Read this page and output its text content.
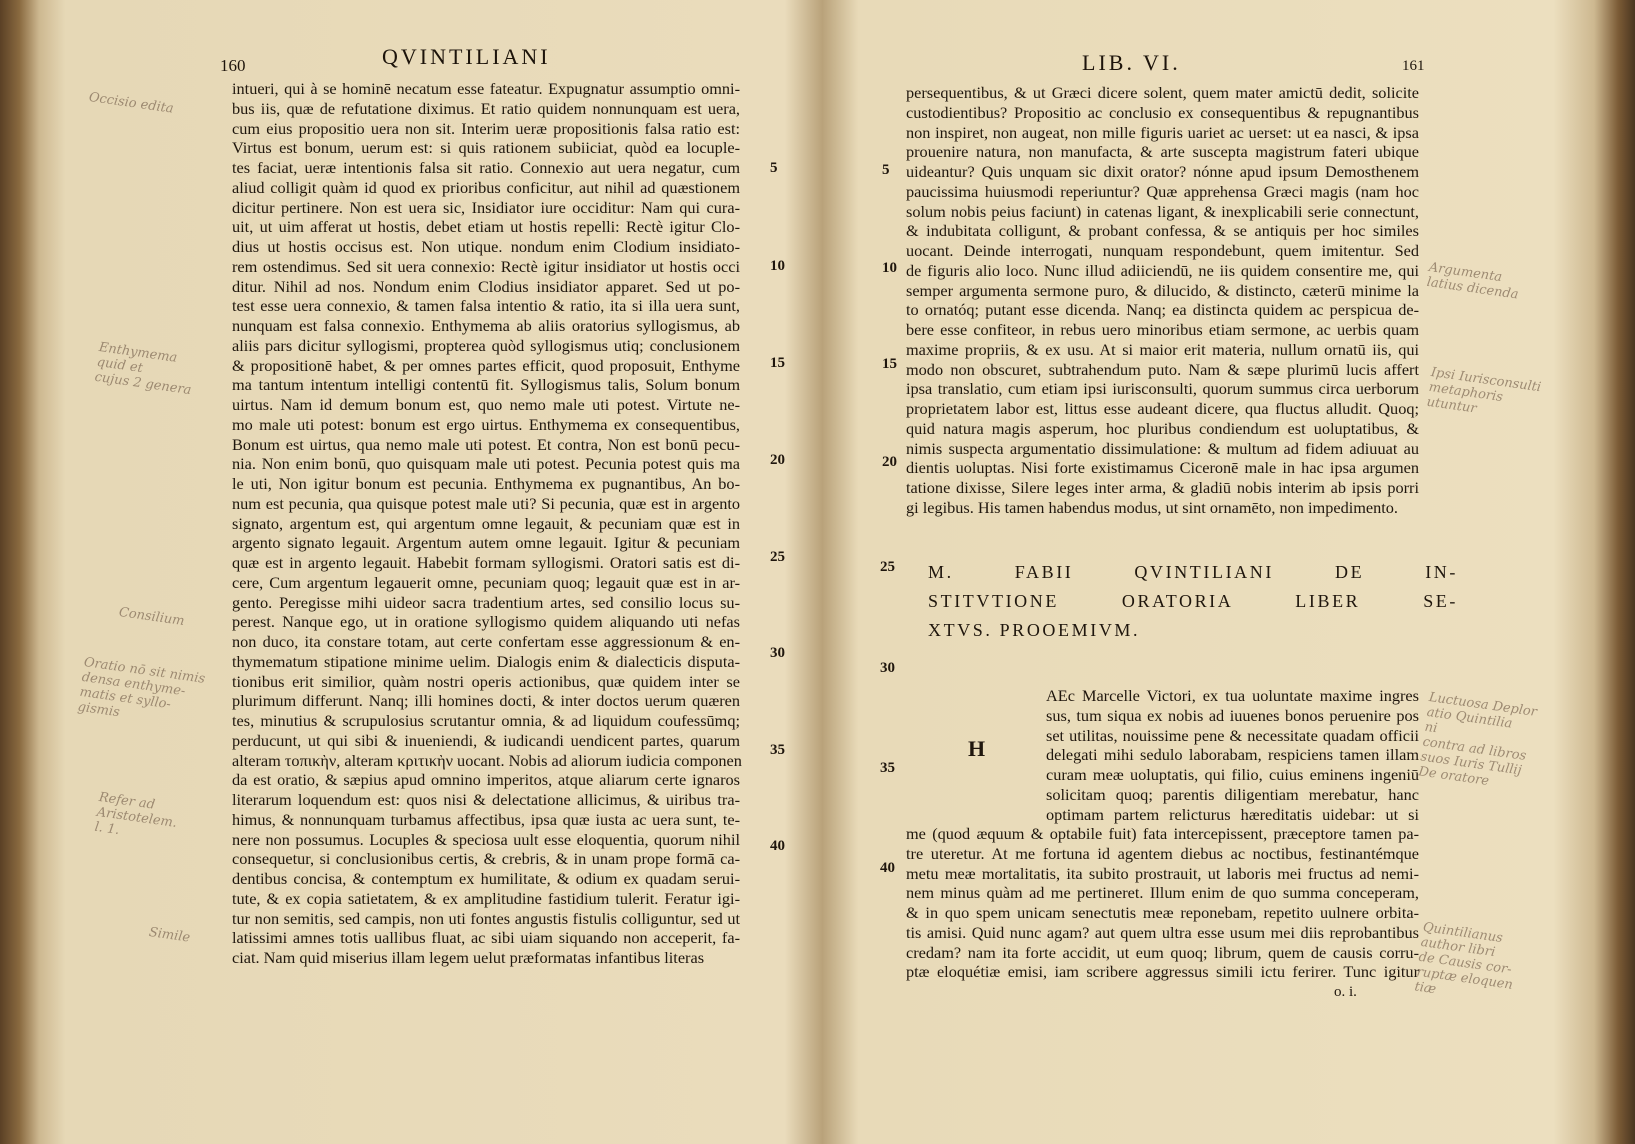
160	QVINTILIANI
intueri, qui à se hominē necatum esse fateatur. Expugnatur assumptio omni-
bus iis, quæ de refutatione diximus. Et ratio quidem nonnunquam est uera,
cum eius propositio uera non sit. Interim ueræ propositionis falsa ratio est:
Virtus est bonum, uerum est: si quis rationem subiiciat, quòd ea locuple-
tes faciat, ueræ intentionis falsa sit ratio. Connexio aut uera negatur, cum
aliud colligit quàm id quod ex prioribus conficitur, aut nihil ad quæstionem
dicitur pertinere. Non est uera sic, Insidiator iure occiditur: Nam qui cura-
uit, ut uim afferat ut hostis, debet etiam ut hostis repelli: Rectè igitur Clo-
dius ut hostis occisus est. Non utique. nondum enim Clodium insidiato-
rem ostendimus. Sed sit uera connexio: Rectè igitur insidiator ut hostis occi
ditur. Nihil ad nos. Nondum enim Clodius insidiator apparet. Sed ut po-
test esse uera connexio, & tamen falsa intentio & ratio, ita si illa uera sunt,
nunquam est falsa connexio. Enthymema ab aliis oratorius syllogismus, ab
aliis pars dicitur syllogismi, propterea quòd syllogismus utiq; conclusionem
& propositionē habet, & per omnes partes efficit, quod proposuit, Enthyme
ma tantum intentum intelligi contentū fit. Syllogismus talis, Solum bonum
uirtus. Nam id demum bonum est, quo nemo male uti potest. Virtute ne-
mo male uti potest: bonum est ergo uirtus. Enthymema ex consequentibus,
Bonum est uirtus, qua nemo male uti potest. Et contra, Non est bonū pecu-
nia. Non enim bonū, quo quisquam male uti potest. Pecunia potest quis ma
le uti, Non igitur bonum est pecunia. Enthymema ex pugnantibus, An bo-
num est pecunia, qua quisque potest male uti? Si pecunia, quæ est in argento
signato, argentum est, qui argentum omne legauit, & pecuniam quæ est in
argento signato legauit. Argentum autem omne legauit. Igitur & pecuniam
quæ est in argento legauit. Habebit formam syllogismi. Oratori satis est di-
cere, Cum argentum legauerit omne, pecuniam quoq; legauit quæ est in ar-
gento. Peregisse mihi uideor sacra tradentium artes, sed consilio locus su-
perest. Nanque ego, ut in oratione syllogismo quidem aliquando uti nefas
non duco, ita constare totam, aut certe confertam esse aggressionum & en-
thymematum stipatione minime uelim. Dialogis enim & dialecticis disputa-
tionibus erit similior, quàm nostri operis actionibus, quæ quidem inter se
plurimum differunt. Nanq; illi homines docti, & inter doctos uerum quæren
tes, minutius & scrupulosius scrutantur omnia, & ad liquidum coufessūmq;
perducunt, ut qui sibi & inueniendi, & iudicandi uendicent partes, quarum
alteram τοπικὴν, alteram κριτικὴν uocant. Nobis ad aliorum iudicia componen
da est oratio, & sæpius apud omnino imperitos, atque aliarum certe ignaros
literarum loquendum est: quos nisi & delectatione allicimus, & uiribus tra-
himus, & nonnunquam turbamus affectibus, ipsa quæ iusta ac uera sunt, te-
nere non possumus. Locuples & speciosa uult esse eloquentia, quorum nihil
consequetur, si conclusionibus certis, & crebris, & in unam prope formā ca-
dentibus concisa, & contemptum ex humilitate, & odium ex quadam serui-
tute, & ex copia satietatem, & ex amplitudine fastidium tulerit. Feratur igi-
tur non semitis, sed campis, non uti fontes angustis fistulis colliguntur, sed ut
latissimi amnes totis uallibus fluat, ac sibi uiam siquando non acceperit, fa-
ciat. Nam quid miserius illam legem uelut præformatas infantibus literas
5
10
15
20
25
30
35
40
Occisio edita
Enthymema
quid et
cujus 2 genera
Consilium
Oratio nō sit nimis
densa enthyme-
matis et syllo-
gismis
Refer ad
Aristotelem.
l. 1.
Simile
LIB. VI.	161
persequentibus, & ut Græci dicere solent, quem mater amictū dedit, solicite
custodientibus? Propositio ac conclusio ex consequentibus & repugnantibus
non inspiret, non augeat, non mille figuris uariet ac uerset: ut ea nasci, & ipsa
prouenire natura, non manufacta, & arte suscepta magistrum fateri ubique
uideantur? Quis unquam sic dixit orator? nónne apud ipsum Demosthenem
paucissima huiusmodi reperiuntur? Quæ apprehensa Græci magis (nam hoc
solum nobis peius faciunt) in catenas ligant, & inexplicabili serie connectunt,
& indubitata colligunt, & probant confessa, & se antiquis per hoc similes
uocant. Deinde interrogati, nunquam respondebunt, quem imitentur. Sed
de figuris alio loco. Nunc illud adiiciendū, ne iis quidem consentire me, qui
semper argumenta sermone puro, & dilucido, & distincto, cæterū minime la
to ornatóq; putant esse dicenda. Nanq; ea distincta quidem ac perspicua de-
bere esse confiteor, in rebus uero minoribus etiam sermone, ac uerbis quam
maxime propriis, & ex usu. At si maior erit materia, nullum ornatū iis, qui
modo non obscuret, subtrahendum puto. Nam & sæpe plurimū lucis affert
ipsa translatio, cum etiam ipsi iurisconsulti, quorum summus circa uerborum
proprietatem labor est, littus esse audeant dicere, qua fluctus alludit. Quoq;
quid natura magis asperum, hoc pluribus condiendum est uoluptatibus, &
nimis suspecta argumentatio dissimulatione: & multum ad fidem adiuuat au
dientis uoluptas. Nisi forte existimamus Ciceronē male in hac ipsa argumen
tatione dixisse, Silere leges inter arma, & gladiū nobis interim ab ipsis porri
gi legibus. His tamen habendus modus, ut sint ornamēto, non impedimento.
5
10
15
20
25
30
35
40
M. FABII QVINTILIANI DE IN-
STITVTIONE ORATORIA LIBER SE-
XTVS. PROOEMIVM.
H
AEc Marcelle Victori, ex tua uoluntate maxime ingres
sus, tum siqua ex nobis ad iuuenes bonos peruenire pos
set utilitas, nouissime pene & necessitate quadam officii
delegati mihi sedulo laborabam, respiciens tamen illam
curam meæ uoluptatis, qui filio, cuius eminens ingeniū
solicitam quoq; parentis diligentiam merebatur, hanc
optimam partem relicturus hæreditatis uidebar: ut si
me (quod æquum & optabile fuit) fata intercepissent, præceptore tamen pa-
tre uteretur. At me fortuna id agentem diebus ac noctibus, festinantémque
metu meæ mortalitatis, ita subito prostrauit, ut laboris mei fructus ad nemi-
nem minus quàm ad me pertineret. Illum enim de quo summa conceperam,
& in quo spem unicam senectutis meæ reponebam, repetito uulnere orbita-
tis amisi. Quid nunc agam? aut quem ultra esse usum mei diis reprobantibus
credam? nam ita forte accidit, ut eum quoq; librum, quem de causis corru-
ptæ eloquétiæ emisi, iam scribere aggressus simili ictu ferirer. Tunc igitur
o. i.
Argumenta
latius dicenda
Ipsi Iurisconsulti
metaphoris
utuntur
Luctuosa Deplor
atio Quintilia
ni
contra ad libros
suos Iuris Tullij
De oratore
Quintilianus
author libri
de Causis cor-
ruptæ eloquen
tiæ
